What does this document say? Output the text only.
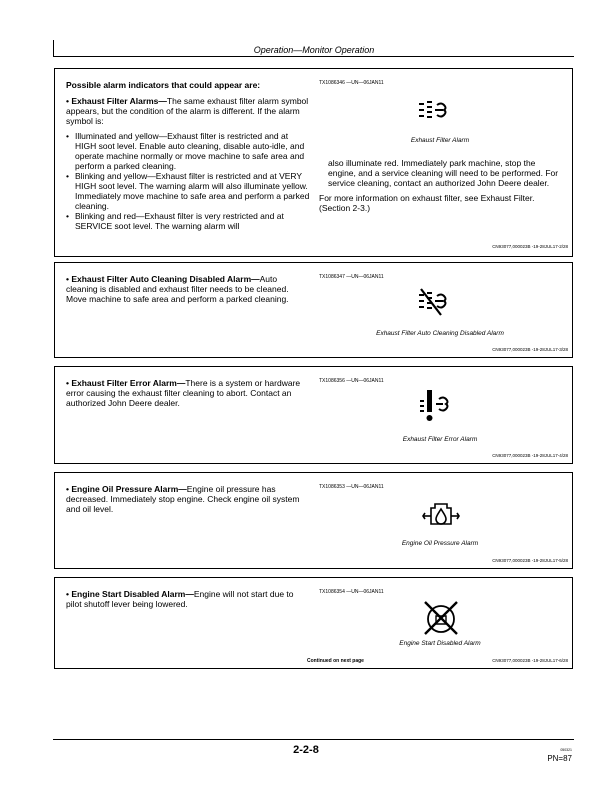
Operation—Monitor Operation
Possible alarm indicators that could appear are:

• Exhaust Filter Alarms—The same exhaust filter alarm symbol appears, but the condition of the alarm is different. If the alarm symbol is:

• Illuminated and yellow—Exhaust filter is restricted and at HIGH soot level. Enable auto cleaning, disable auto-idle, and operate machine normally or move machine to safe area and perform a parked cleaning.
• Blinking and yellow—Exhaust filter is restricted and at VERY HIGH soot level. The warning alarm will also illuminate yellow. Immediately move machine to safe area and perform a parked cleaning.
• Blinking and red—Exhaust filter is very restricted and at SERVICE soot level. The warning alarm will
TX1086346 —UN—06JAN11
Exhaust Filter Alarm

also illuminate red. Immediately park machine, stop the engine, and a service cleaning will need to be performed. For service cleaning, contact an authorized John Deere dealer.

For more information on exhaust filter, see Exhaust Filter. (Section 2-3.)

CN93077,000023B -19-28JUL17-2/28

• Exhaust Filter Auto Cleaning Disabled Alarm—Auto cleaning is disabled and exhaust filter needs to be cleaned. Move machine to safe area and perform a parked cleaning.

TX1086347 —UN—06JAN11
Exhaust Filter Auto Cleaning Disabled Alarm
CN93077,000023B -19-28JUL17-3/28

• Exhaust Filter Error Alarm—There is a system or hardware error causing the exhaust filter cleaning to abort. Contact an authorized John Deere dealer.

TX1086356 —UN—06JAN11
Exhaust Filter Error Alarm
CN93077,000023B -19-28JUL17-4/28

• Engine Oil Pressure Alarm—Engine oil pressure has decreased. Immediately stop engine. Check engine oil system and oil level.

TX1086353 —UN—06JAN11
Engine Oil Pressure Alarm
CN93077,000023B -19-28JUL17-5/28

• Engine Start Disabled Alarm—Engine will not start due to pilot shutoff lever being lowered.

TX1086354 —UN—06JAN11
Engine Start Disabled Alarm
Continued on next page	CN93077,000023B -19-28JUL17-6/28
2-2-8	050321
PN=87
